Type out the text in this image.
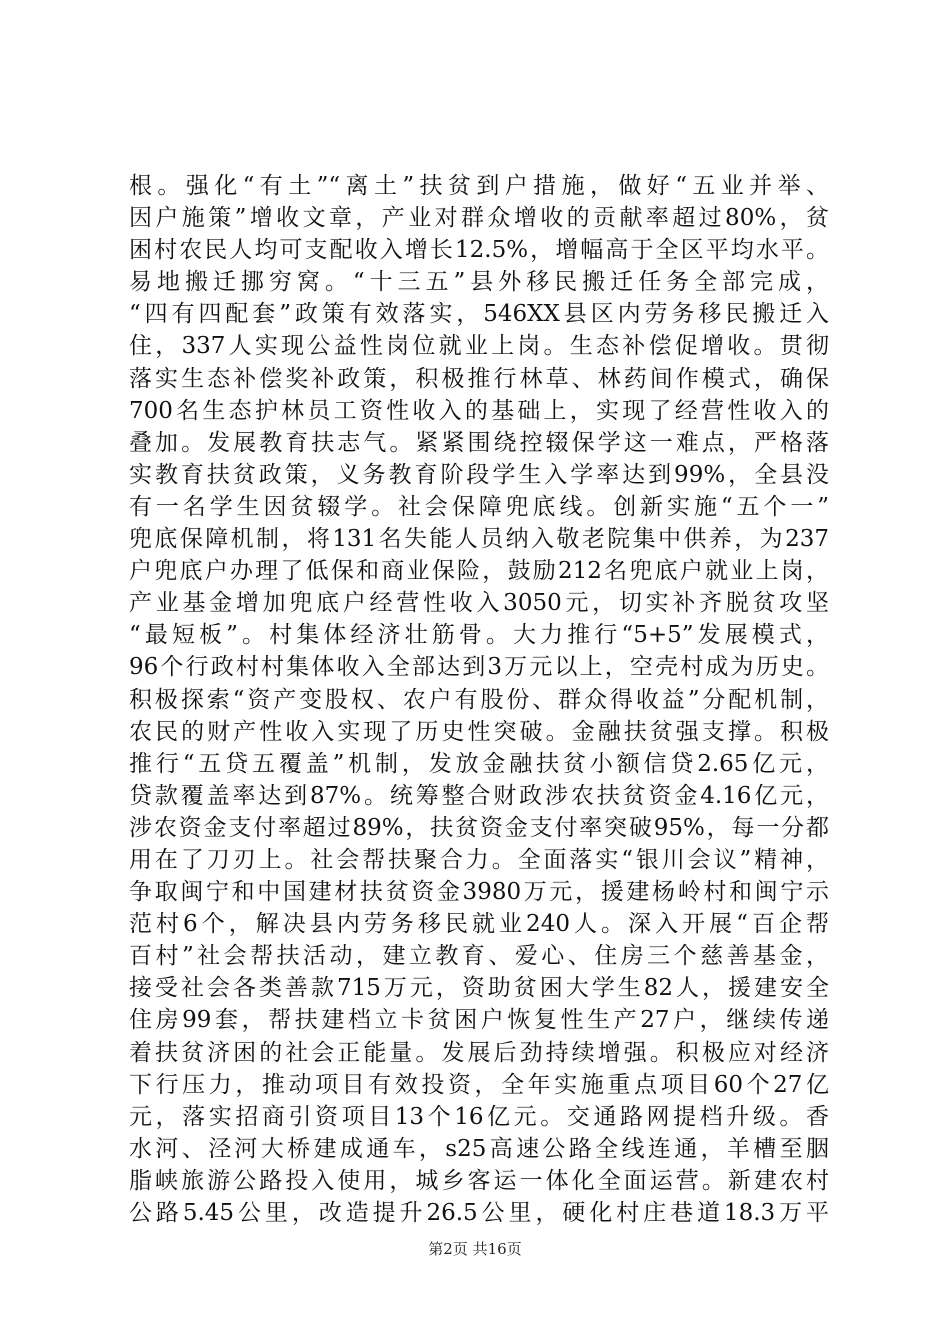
根。强化“有土”“离土”扶贫到户措施，做好“五业并举、
因户施策”增收文章，产业对群众增收的贡献率超过80%，贫
困村农民人均可支配收入增长12.5%，增幅高于全区平均水平。
易地搬迁挪穷窝。“十三五”县外移民搬迁任务全部完成，
“四有四配套”政策有效落实，546XX县区内劳务移民搬迁入
住，337人实现公益性岗位就业上岗。生态补偿促增收。贯彻
落实生态补偿奖补政策，积极推行林草、林药间作模式，确保
700名生态护林员工资性收入的基础上，实现了经营性收入的
叠加。发展教育扶志气。紧紧围绕控辍保学这一难点，严格落
实教育扶贫政策，义务教育阶段学生入学率达到99%，全县没
有一名学生因贫辍学。社会保障兜底线。创新实施“五个一”
兜底保障机制，将131名失能人员纳入敬老院集中供养，为237
户兜底户办理了低保和商业保险，鼓励212名兜底户就业上岗，
产业基金增加兜底户经营性收入3050元，切实补齐脱贫攻坚
“最短板”。村集体经济壮筋骨。大力推行“5+5”发展模式，
96个行政村村集体收入全部达到3万元以上，空壳村成为历史。
积极探索“资产变股权、农户有股份、群众得收益”分配机制，
农民的财产性收入实现了历史性突破。金融扶贫强支撑。积极
推行“五贷五覆盖”机制，发放金融扶贫小额信贷2.65亿元，
贷款覆盖率达到87%。统筹整合财政涉农扶贫资金4.16亿元，
涉农资金支付率超过89%，扶贫资金支付率突破95%，每一分都
用在了刀刃上。社会帮扶聚合力。全面落实“银川会议”精神，
争取闽宁和中国建材扶贫资金3980万元，援建杨岭村和闽宁示
范村6个，解决县内劳务移民就业240人。深入开展“百企帮
百村”社会帮扶活动，建立教育、爱心、住房三个慈善基金，
接受社会各类善款715万元，资助贫困大学生82人，援建安全
住房99套，帮扶建档立卡贫困户恢复性生产27户，继续传递
着扶贫济困的社会正能量。发展后劲持续增强。积极应对经济
下行压力，推动项目有效投资，全年实施重点项目60个27亿
元，落实招商引资项目13个16亿元。交通路网提档升级。香
水河、泾河大桥建成通车，s25高速公路全线连通，羊槽至胭
脂峡旅游公路投入使用，城乡客运一体化全面运营。新建农村
公路5.45公里，改造提升26.5公里，硬化村庄巷道18.3万平
第2页 共16页
